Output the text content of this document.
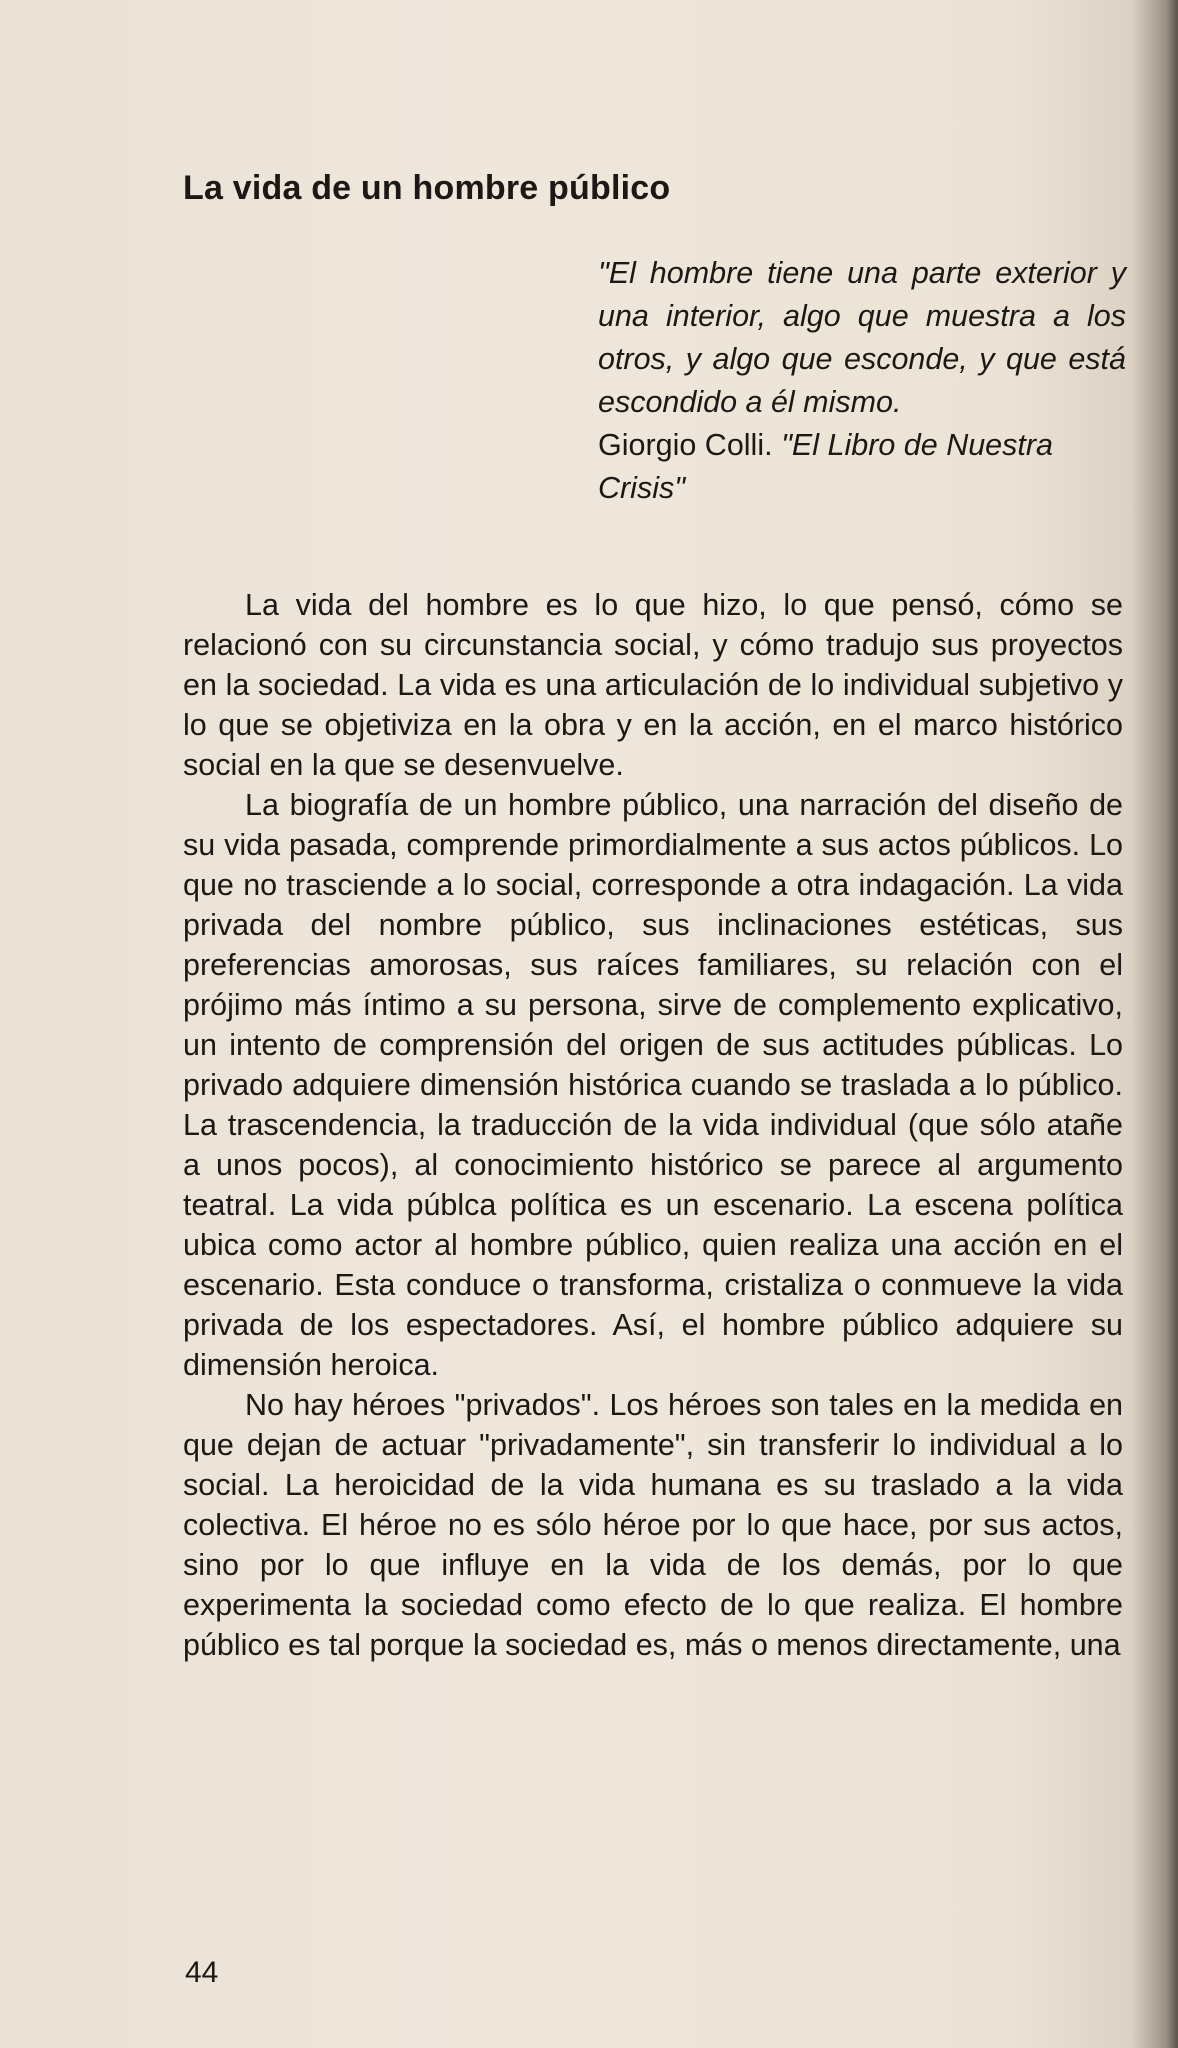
La vida de un hombre público

"El hombre tiene una parte exterior y una interior, algo que muestra a los otros, y algo que esconde, y que está escondido a él mismo.

Giorgio Colli. "El Libro de Nuestra Crisis"

La vida del hombre es lo que hizo, lo que pensó, cómo se relacionó con su circunstancia social, y cómo tradujo sus proyectos en la sociedad. La vida es una articulación de lo individual subjetivo y lo que se objetiviza en la obra y en la acción, en el marco histórico social en la que se desenvuelve.

La biografía de un hombre público, una narración del diseño de su vida pasada, comprende primordialmente a sus actos públicos. Lo que no trasciende a lo social, corresponde a otra indagación. La vida privada del nombre público, sus inclinaciones estéticas, sus preferencias amorosas, sus raíces familiares, su relación con el prójimo más íntimo a su persona, sirve de complemento explicativo, un intento de comprensión del origen de sus actitudes públicas. Lo privado adquiere dimensión histórica cuando se traslada a lo público. La trascendencia, la traducción de la vida individual (que sólo atañe a unos pocos), al conocimiento histórico se parece al argumento teatral. La vida públca política es un escenario. La escena política ubica como actor al hombre público, quien realiza una acción en el escenario. Esta conduce o transforma, cristaliza o conmueve la vida privada de los espectadores. Así, el hombre público adquiere su dimensión heroica.

No hay héroes "privados". Los héroes son tales en la medida en que dejan de actuar "privadamente", sin transferir lo individual a lo social. La heroicidad de la vida humana es su traslado a la vida colectiva. El héroe no es sólo héroe por lo que hace, por sus actos, sino por lo que influye en la vida de los demás, por lo que experimenta la sociedad como efecto de lo que realiza. El hombre público es tal porque la sociedad es, más o menos directamente, una

44
